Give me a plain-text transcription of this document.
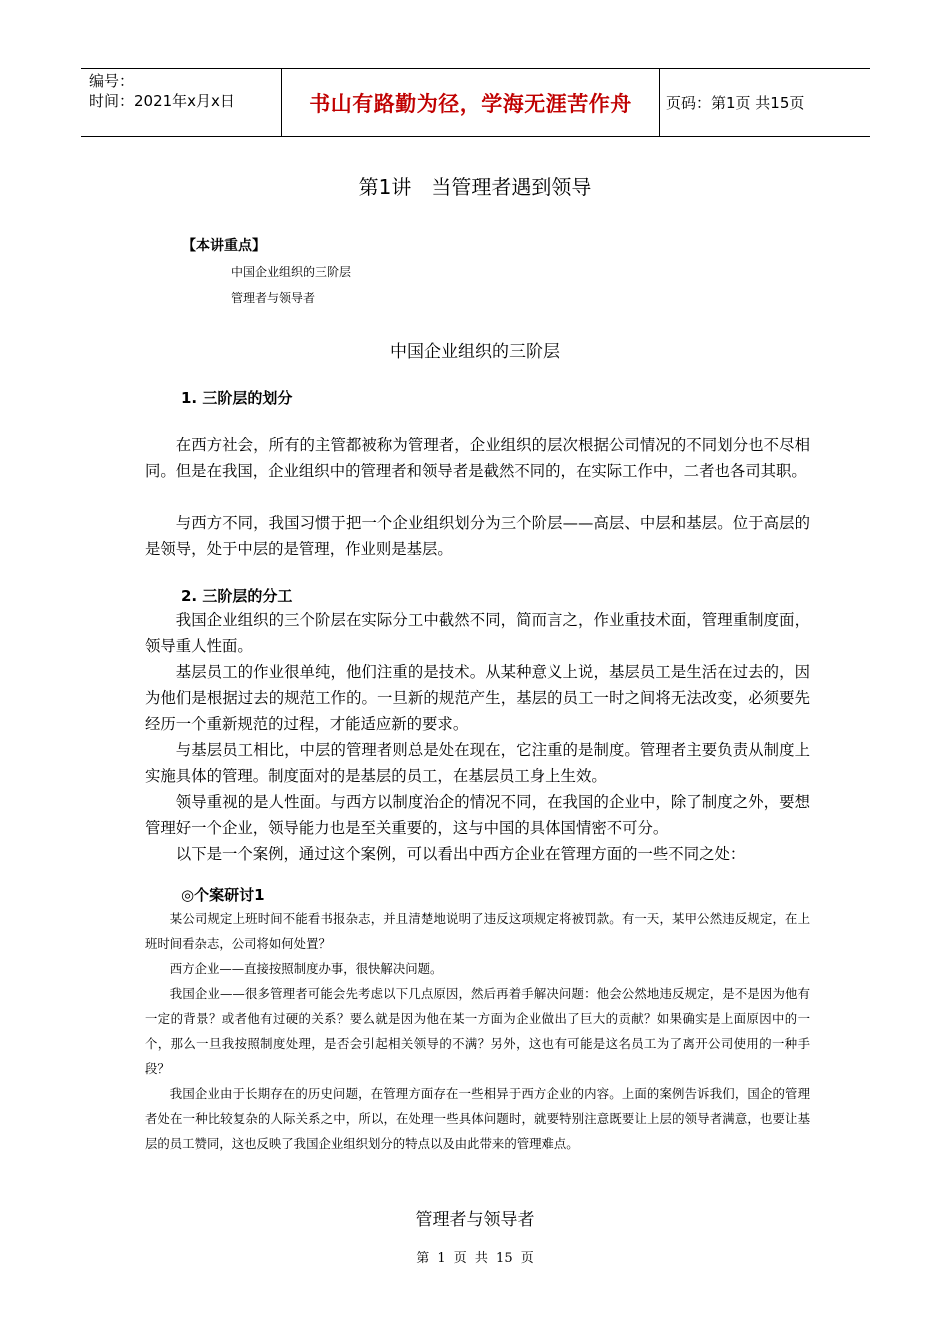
编号：
时间：2021年x月x日	书山有路勤为径，学海无涯苦作舟 页码：第1页 共15页
第1讲　当管理者遇到领导
【本讲重点】
中国企业组织的三阶层
管理者与领导者
中国企业组织的三阶层
1. 三阶层的划分

在西方社会，所有的主管都被称为管理者，企业组织的层次根据公司情况的不同划分也不尽相同。但是在我国，企业组织中的管理者和领导者是截然不同的，在实际工作中，二者也各司其职。

与西方不同，我国习惯于把一个企业组织划分为三个阶层——高层、中层和基层。位于高层的是领导，处于中层的是管理，作业则是基层。

2. 三阶层的分工

我国企业组织的三个阶层在实际分工中截然不同，简而言之，作业重技术面，管理重制度面，领导重人性面。

基层员工的作业很单纯，他们注重的是技术。从某种意义上说，基层员工是生活在过去的，因为他们是根据过去的规范工作的。一旦新的规范产生，基层的员工一时之间将无法改变，必须要先经历一个重新规范的过程，才能适应新的要求。

与基层员工相比，中层的管理者则总是处在现在，它注重的是制度。管理者主要负责从制度上实施具体的管理。制度面对的是基层的员工，在基层员工身上生效。

领导重视的是人性面。与西方以制度治企的情况不同，在我国的企业中，除了制度之外，要想管理好一个企业，领导能力也是至关重要的，这与中国的具体国情密不可分。

以下是一个案例，通过这个案例，可以看出中西方企业在管理方面的一些不同之处：

◎个案研讨1

某公司规定上班时间不能看书报杂志，并且清楚地说明了违反这项规定将被罚款。有一天，某甲公然违反规定，在上班时间看杂志，公司将如何处置？

西方企业——直接按照制度办事，很快解决问题。

我国企业——很多管理者可能会先考虑以下几点原因，然后再着手解决问题：他会公然地违反规定，是不是因为他有一定的背景？或者他有过硬的关系？要么就是因为他在某一方面为企业做出了巨大的贡献？如果确实是上面原因中的一个，那么一旦我按照制度处理，是否会引起相关领导的不满？另外，这也有可能是这名员工为了离开公司使用的一种手段？

我国企业由于长期存在的历史问题，在管理方面存在一些相异于西方企业的内容。上面的案例告诉我们，国企的管理者处在一种比较复杂的人际关系之中，所以，在处理一些具体问题时，就要特别注意既要让上层的领导者满意，也要让基层的员工赞同，这也反映了我国企业组织划分的特点以及由此带来的管理难点。

管理者与领导者
第 1 页 共 15 页
